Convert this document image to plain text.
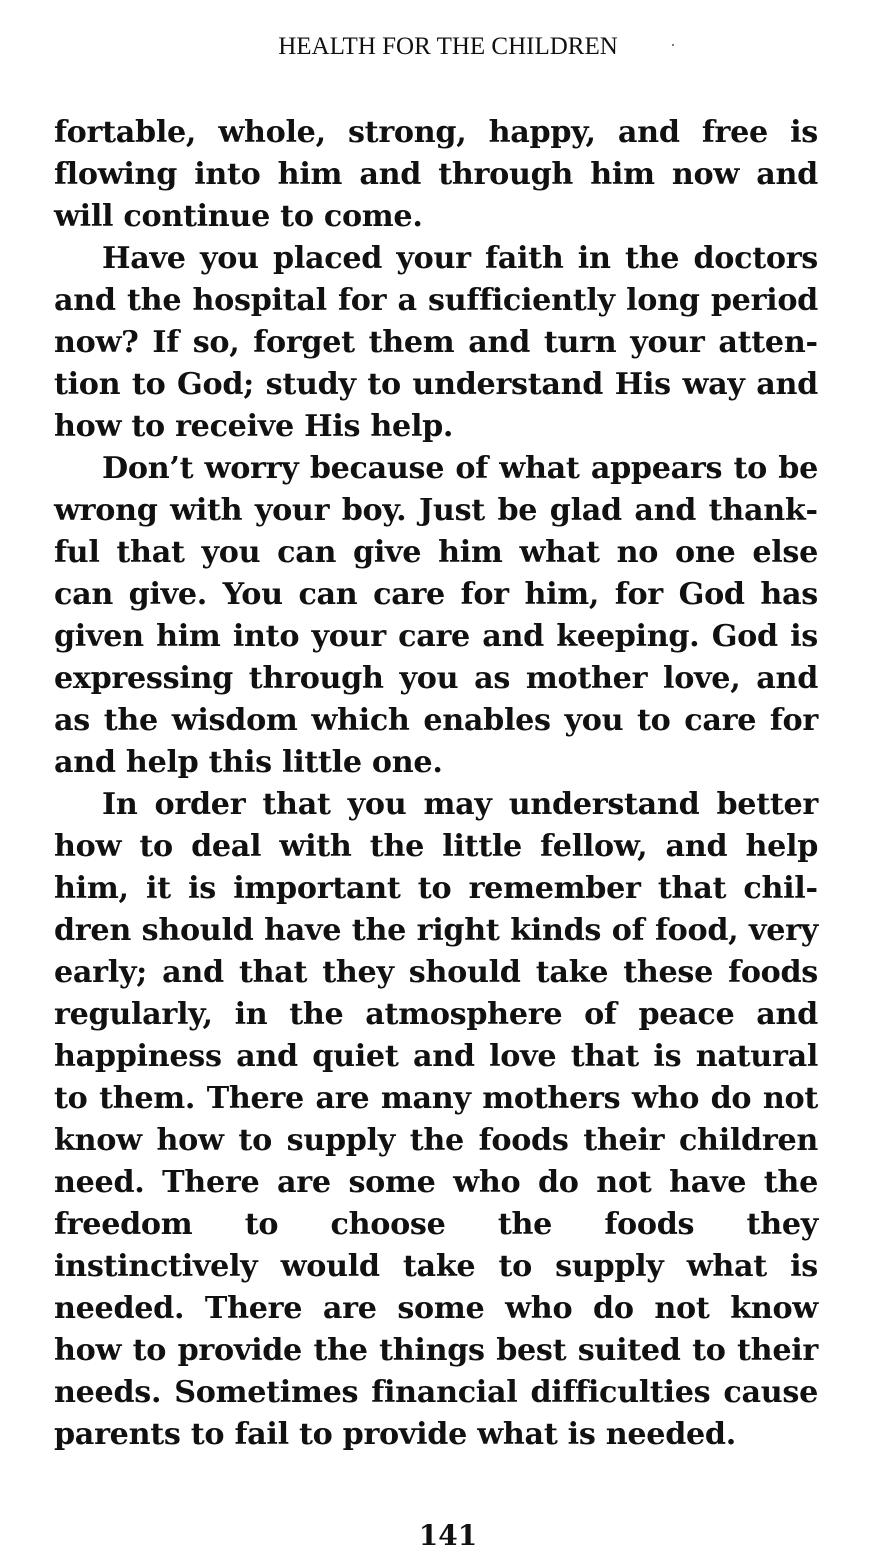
HEALTH FOR THE CHILDREN

fortable, whole, strong, happy, and free is flowing into him and through him now and will continue to come.

Have you placed your faith in the doctors and the hospital for a sufficiently long period now? If so, forget them and turn your attention to God; study to understand His way and how to receive His help.

Don’t worry because of what appears to be wrong with your boy. Just be glad and thankful that you can give him what no one else can give. You can care for him, for God has given him into your care and keeping. God is expressing through you as mother love, and as the wisdom which enables you to care for and help this little one.

In order that you may understand better how to deal with the little fellow, and help him, it is important to remember that children should have the right kinds of food, very early; and that they should take these foods regularly, in the atmosphere of peace and happiness and quiet and love that is natural to them. There are many mothers who do not know how to supply the foods their children need. There are some who do not have the freedom to choose the foods they instinctively would take to supply what is needed. There are some who do not know how to provide the things best suited to their needs. Sometimes financial difficulties cause parents to fail to provide what is needed.

141
